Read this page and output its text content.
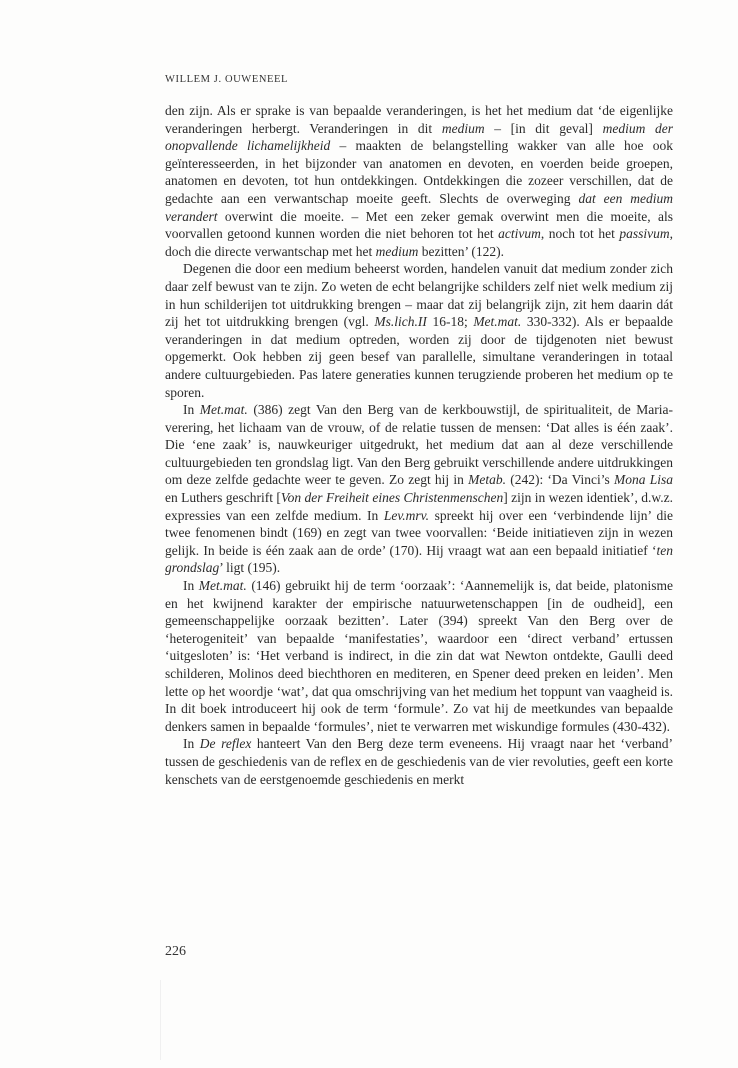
WILLEM J. OUWENEEL

den zijn. Als er sprake is van bepaalde veranderingen, is het het medium dat ‘de eigenlijke veranderingen herbergt. Veranderingen in dit medium – [in dit geval] medium der onopvallende lichamelijkheid – maakten de belangstelling wakker van alle hoe ook geïnteresseerden, in het bijzonder van anatomen en devoten, en voerden beide groepen, anatomen en devoten, tot hun ontdekkingen. Ontdekkingen die zozeer verschillen, dat de gedachte aan een verwantschap moeite geeft. Slechts de overweging dat een medium verandert overwint die moeite. – Met een zeker gemak overwint men die moeite, als voorvallen getoond kunnen worden die niet behoren tot het activum, noch tot het passivum, doch die directe verwantschap met het medium bezitten’ (122).

Degenen die door een medium beheerst worden, handelen vanuit dat medium zonder zich daar zelf bewust van te zijn. Zo weten de echt belangrijke schilders zelf niet welk medium zij in hun schilderijen tot uitdrukking brengen – maar dat zij belangrijk zijn, zit hem daarin dát zij het tot uitdrukking brengen (vgl. Ms.lich.II 16-18; Met.mat. 330-332). Als er bepaalde veranderingen in dat medium optreden, worden zij door de tijdgenoten niet bewust opgemerkt. Ook hebben zij geen besef van parallelle, simultane veranderingen in totaal andere cultuurgebieden. Pas latere generaties kunnen terugziende proberen het medium op te sporen.

In Met.mat. (386) zegt Van den Berg van de kerkbouwstijl, de spiritualiteit, de Maria-verering, het lichaam van de vrouw, of de relatie tussen de mensen: ‘Dat alles is één zaak’. Die ‘ene zaak’ is, nauwkeuriger uitgedrukt, het medium dat aan al deze verschillende cultuurgebieden ten grondslag ligt. Van den Berg gebruikt verschillende andere uitdrukkingen om deze zelfde gedachte weer te geven. Zo zegt hij in Metab. (242): ‘Da Vinci’s Mona Lisa en Luthers geschrift [Von der Freiheit eines Christenmenschen] zijn in wezen identiek’, d.w.z. expressies van een zelfde medium. In Lev.mrv. spreekt hij over een ‘verbindende lijn’ die twee fenomenen bindt (169) en zegt van twee voorvallen: ‘Beide initiatieven zijn in wezen gelijk. In beide is één zaak aan de orde’ (170). Hij vraagt wat aan een bepaald initiatief ‘ten grondslag’ ligt (195).

In Met.mat. (146) gebruikt hij de term ‘oorzaak’: ‘Aannemelijk is, dat beide, platonisme en het kwijnend karakter der empirische natuurwetenschappen [in de oudheid], een gemeenschappelijke oorzaak bezitten’. Later (394) spreekt Van den Berg over de ‘heterogeniteit’ van bepaalde ‘manifestaties’, waardoor een ‘direct verband’ ertussen ‘uitgesloten’ is: ‘Het verband is indirect, in die zin dat wat Newton ontdekte, Gaulli deed schilderen, Molinos deed biechthoren en mediteren, en Spener deed preken en leiden’. Men lette op het woordje ‘wat’, dat qua omschrijving van het medium het toppunt van vaagheid is. In dit boek introduceert hij ook de term ‘formule’. Zo vat hij de meetkundes van bepaalde denkers samen in bepaalde ‘formules’, niet te verwarren met wiskundige formules (430-432).

In De reflex hanteert Van den Berg deze term eveneens. Hij vraagt naar het ‘verband’ tussen de geschiedenis van de reflex en de geschiedenis van de vier revoluties, geeft een korte kenschets van de eerstgenoemde geschiedenis en merkt

226
